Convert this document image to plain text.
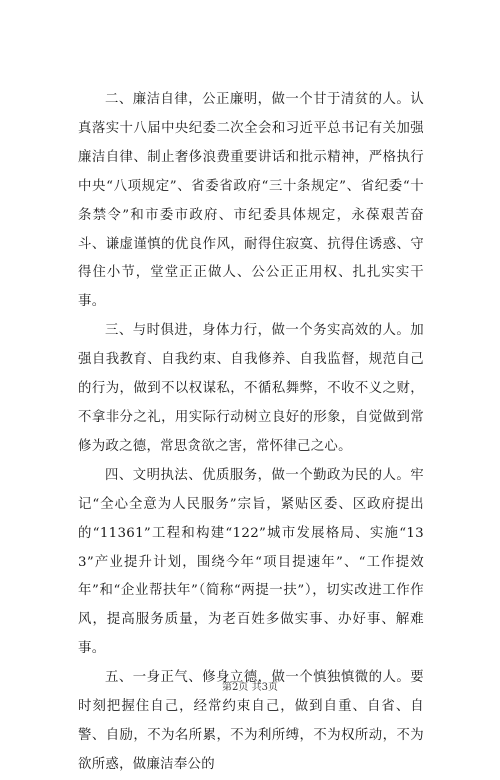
二、廉洁自律，公正廉明，做一个甘于清贫的人。认真落实十八届中央纪委二次全会和习近平总书记有关加强廉洁自律、制止奢侈浪费重要讲话和批示精神，严格执行中央“八项规定”、省委省政府“三十条规定”、省纪委“十条禁令”和市委市政府、市纪委具体规定，永葆艰苦奋斗、谦虚谨慎的优良作风，耐得住寂寞、抗得住诱惑、守得住小节，堂堂正正做人、公公正正用权、扎扎实实干事。

三、与时俱进，身体力行，做一个务实高效的人。加强自我教育、自我约束、自我修养、自我监督，规范自己的行为，做到不以权谋私，不循私舞弊，不收不义之财，不拿非分之礼，用实际行动树立良好的形象，自觉做到常修为政之德，常思贪欲之害，常怀律己之心。

四、文明执法、优质服务，做一个勤政为民的人。牢记“全心全意为人民服务”宗旨，紧贴区委、区政府提出的“11361”工程和构建“122”城市发展格局、实施“133”产业提升计划，围绕今年“项目提速年”、“工作提效年”和“企业帮扶年”（简称“两提一扶”），切实改进工作作风，提高服务质量，为老百姓多做实事、办好事、解难事。

五、一身正气、修身立德，做一个慎独慎微的人。要时刻把握住自己，经常约束自己，做到自重、自省、自警、自励，不为名所累，不为利所缚，不为权所动，不为欲所惑，做廉洁奉公的

第2页 共3页
